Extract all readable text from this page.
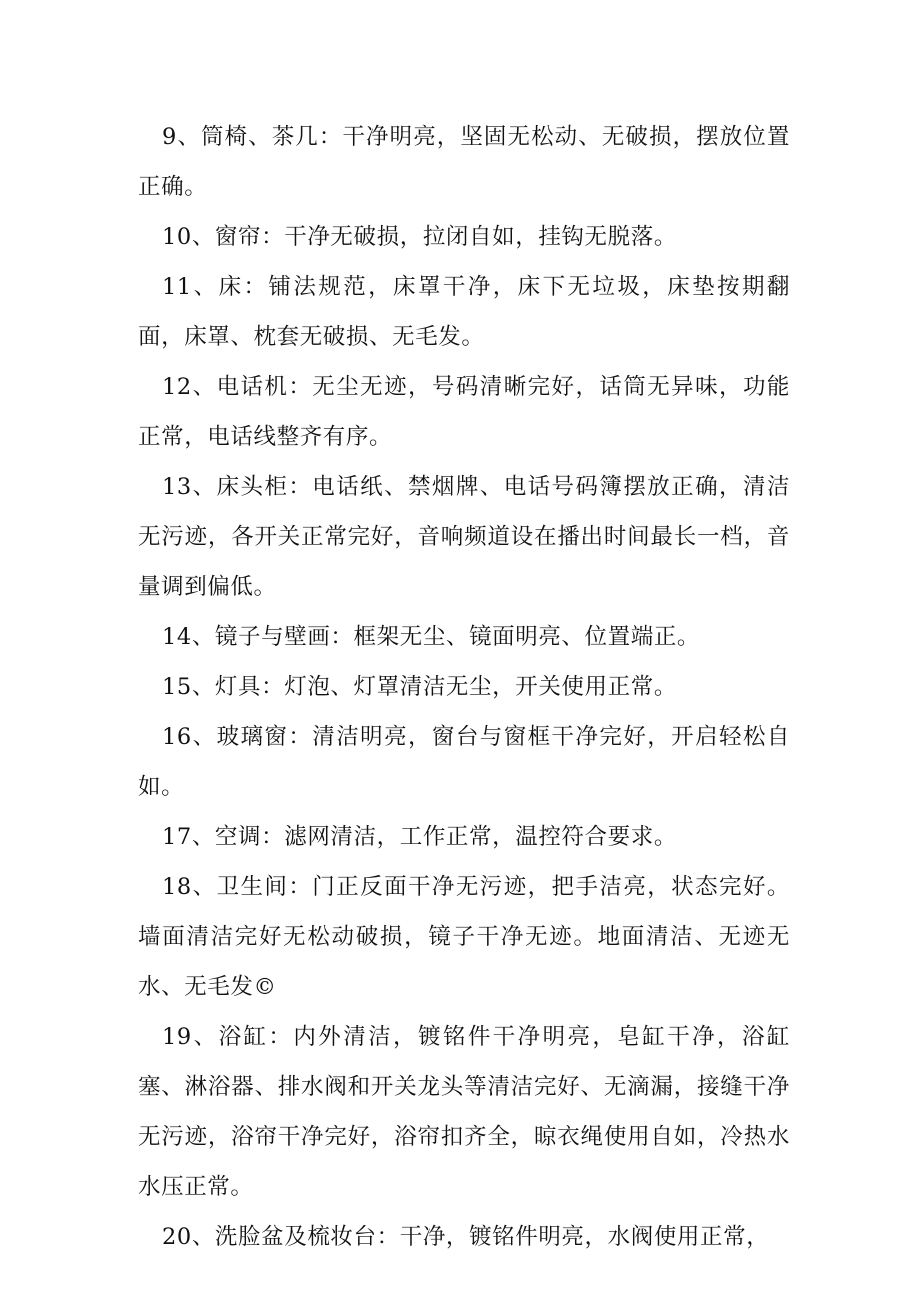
9、筒椅、茶几：干净明亮，坚固无松动、无破损，摆放位置正确。

10、窗帘：干净无破损，拉闭自如，挂钩无脱落。

11、床：铺法规范，床罩干净，床下无垃圾，床垫按期翻面，床罩、枕套无破损、无毛发。

12、电话机：无尘无迹，号码清晰完好，话筒无异味，功能正常，电话线整齐有序。

13、床头柜：电话纸、禁烟牌、电话号码簿摆放正确，清洁无污迹，各开关正常完好，音响频道设在播出时间最长一档，音量调到偏低。

14、镜子与壁画：框架无尘、镜面明亮、位置端正。

15、灯具：灯泡、灯罩清洁无尘，开关使用正常。

16、玻璃窗：清洁明亮，窗台与窗框干净完好，开启轻松自如。

17、空调：滤网清洁，工作正常，温控符合要求。

18、卫生间：门正反面干净无污迹，把手洁亮，状态完好。墙面清洁完好无松动破损，镜子干净无迹。地面清洁、无迹无水、无毛发©

19、浴缸：内外清洁，镀铭件干净明亮，皂缸干净，浴缸塞、淋浴器、排水阀和开关龙头等清洁完好、无滴漏，接缝干净无污迹，浴帘干净完好，浴帘扣齐全，晾衣绳使用自如，冷热水水压正常。

20、洗脸盆及梳妆台：干净，镀铭件明亮，水阀使用正常，
